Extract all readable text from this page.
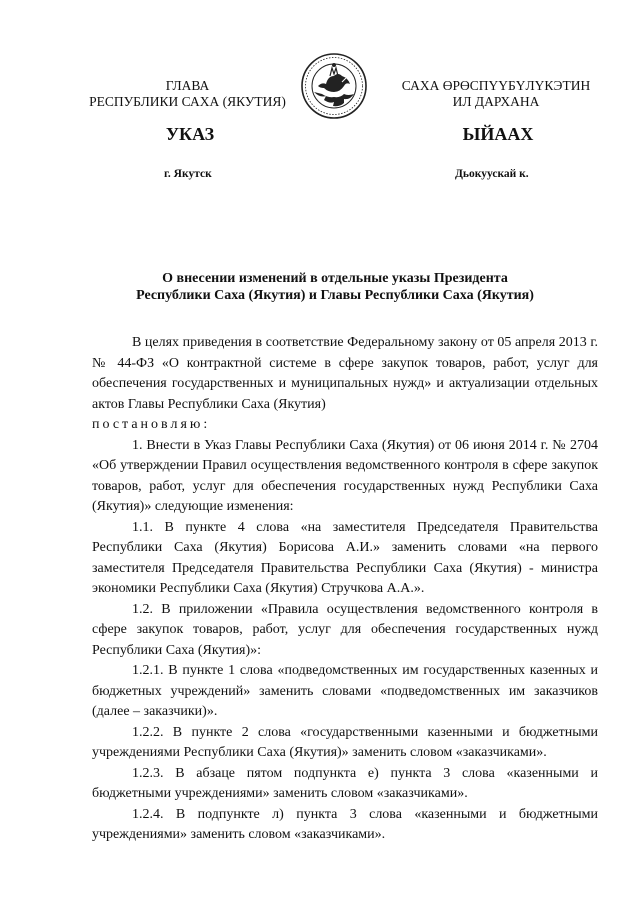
ГЛАВА
РЕСПУБЛИКИ САХА (ЯКУТИЯ)
САХА ӨРӨСПҮҮБҮЛҮКЭТИН
ИЛ ДАРХАНА
УКАЗ	ЫЙААХ
г. Якутск	Дьокуускай к.
О внесении изменений в отдельные указы Президента
Республики Саха (Якутия) и Главы Республики Саха (Якутия)

В целях приведения в соответствие Федеральному закону от 05 апреля 2013 г. № 44-ФЗ «О контрактной системе в сфере закупок товаров, работ, услуг для обеспечения государственных и муниципальных нужд» и актуализации отдельных актов Главы Республики Саха (Якутия)

постановляю:

1. Внести в Указ Главы Республики Саха (Якутия) от 06 июня 2014 г. № 2704 «Об утверждении Правил осуществления ведомственного контроля в сфере закупок товаров, работ, услуг для обеспечения государственных нужд Республики Саха (Якутия)» следующие изменения:

1.1. В пункте 4 слова «на заместителя Председателя Правительства Республики Саха (Якутия) Борисова А.И.» заменить словами «на первого заместителя Председателя Правительства Республики Саха (Якутия) - министра экономики Республики Саха (Якутия) Стручкова А.А.».

1.2. В приложении «Правила осуществления ведомственного контроля в сфере закупок товаров, работ, услуг для обеспечения государственных нужд Республики Саха (Якутия)»:

1.2.1. В пункте 1 слова «подведомственных им государственных казенных и бюджетных учреждений» заменить словами «подведомственных им заказчиков (далее – заказчики)».

1.2.2. В пункте 2 слова «государственными казенными и бюджетными учреждениями Республики Саха (Якутия)» заменить словом «заказчиками».

1.2.3. В абзаце пятом подпункта е) пункта 3 слова «казенными и бюджетными учреждениями» заменить словом «заказчиками».

1.2.4. В подпункте л) пункта 3 слова «казенными и бюджетными учреждениями» заменить словом «заказчиками».
